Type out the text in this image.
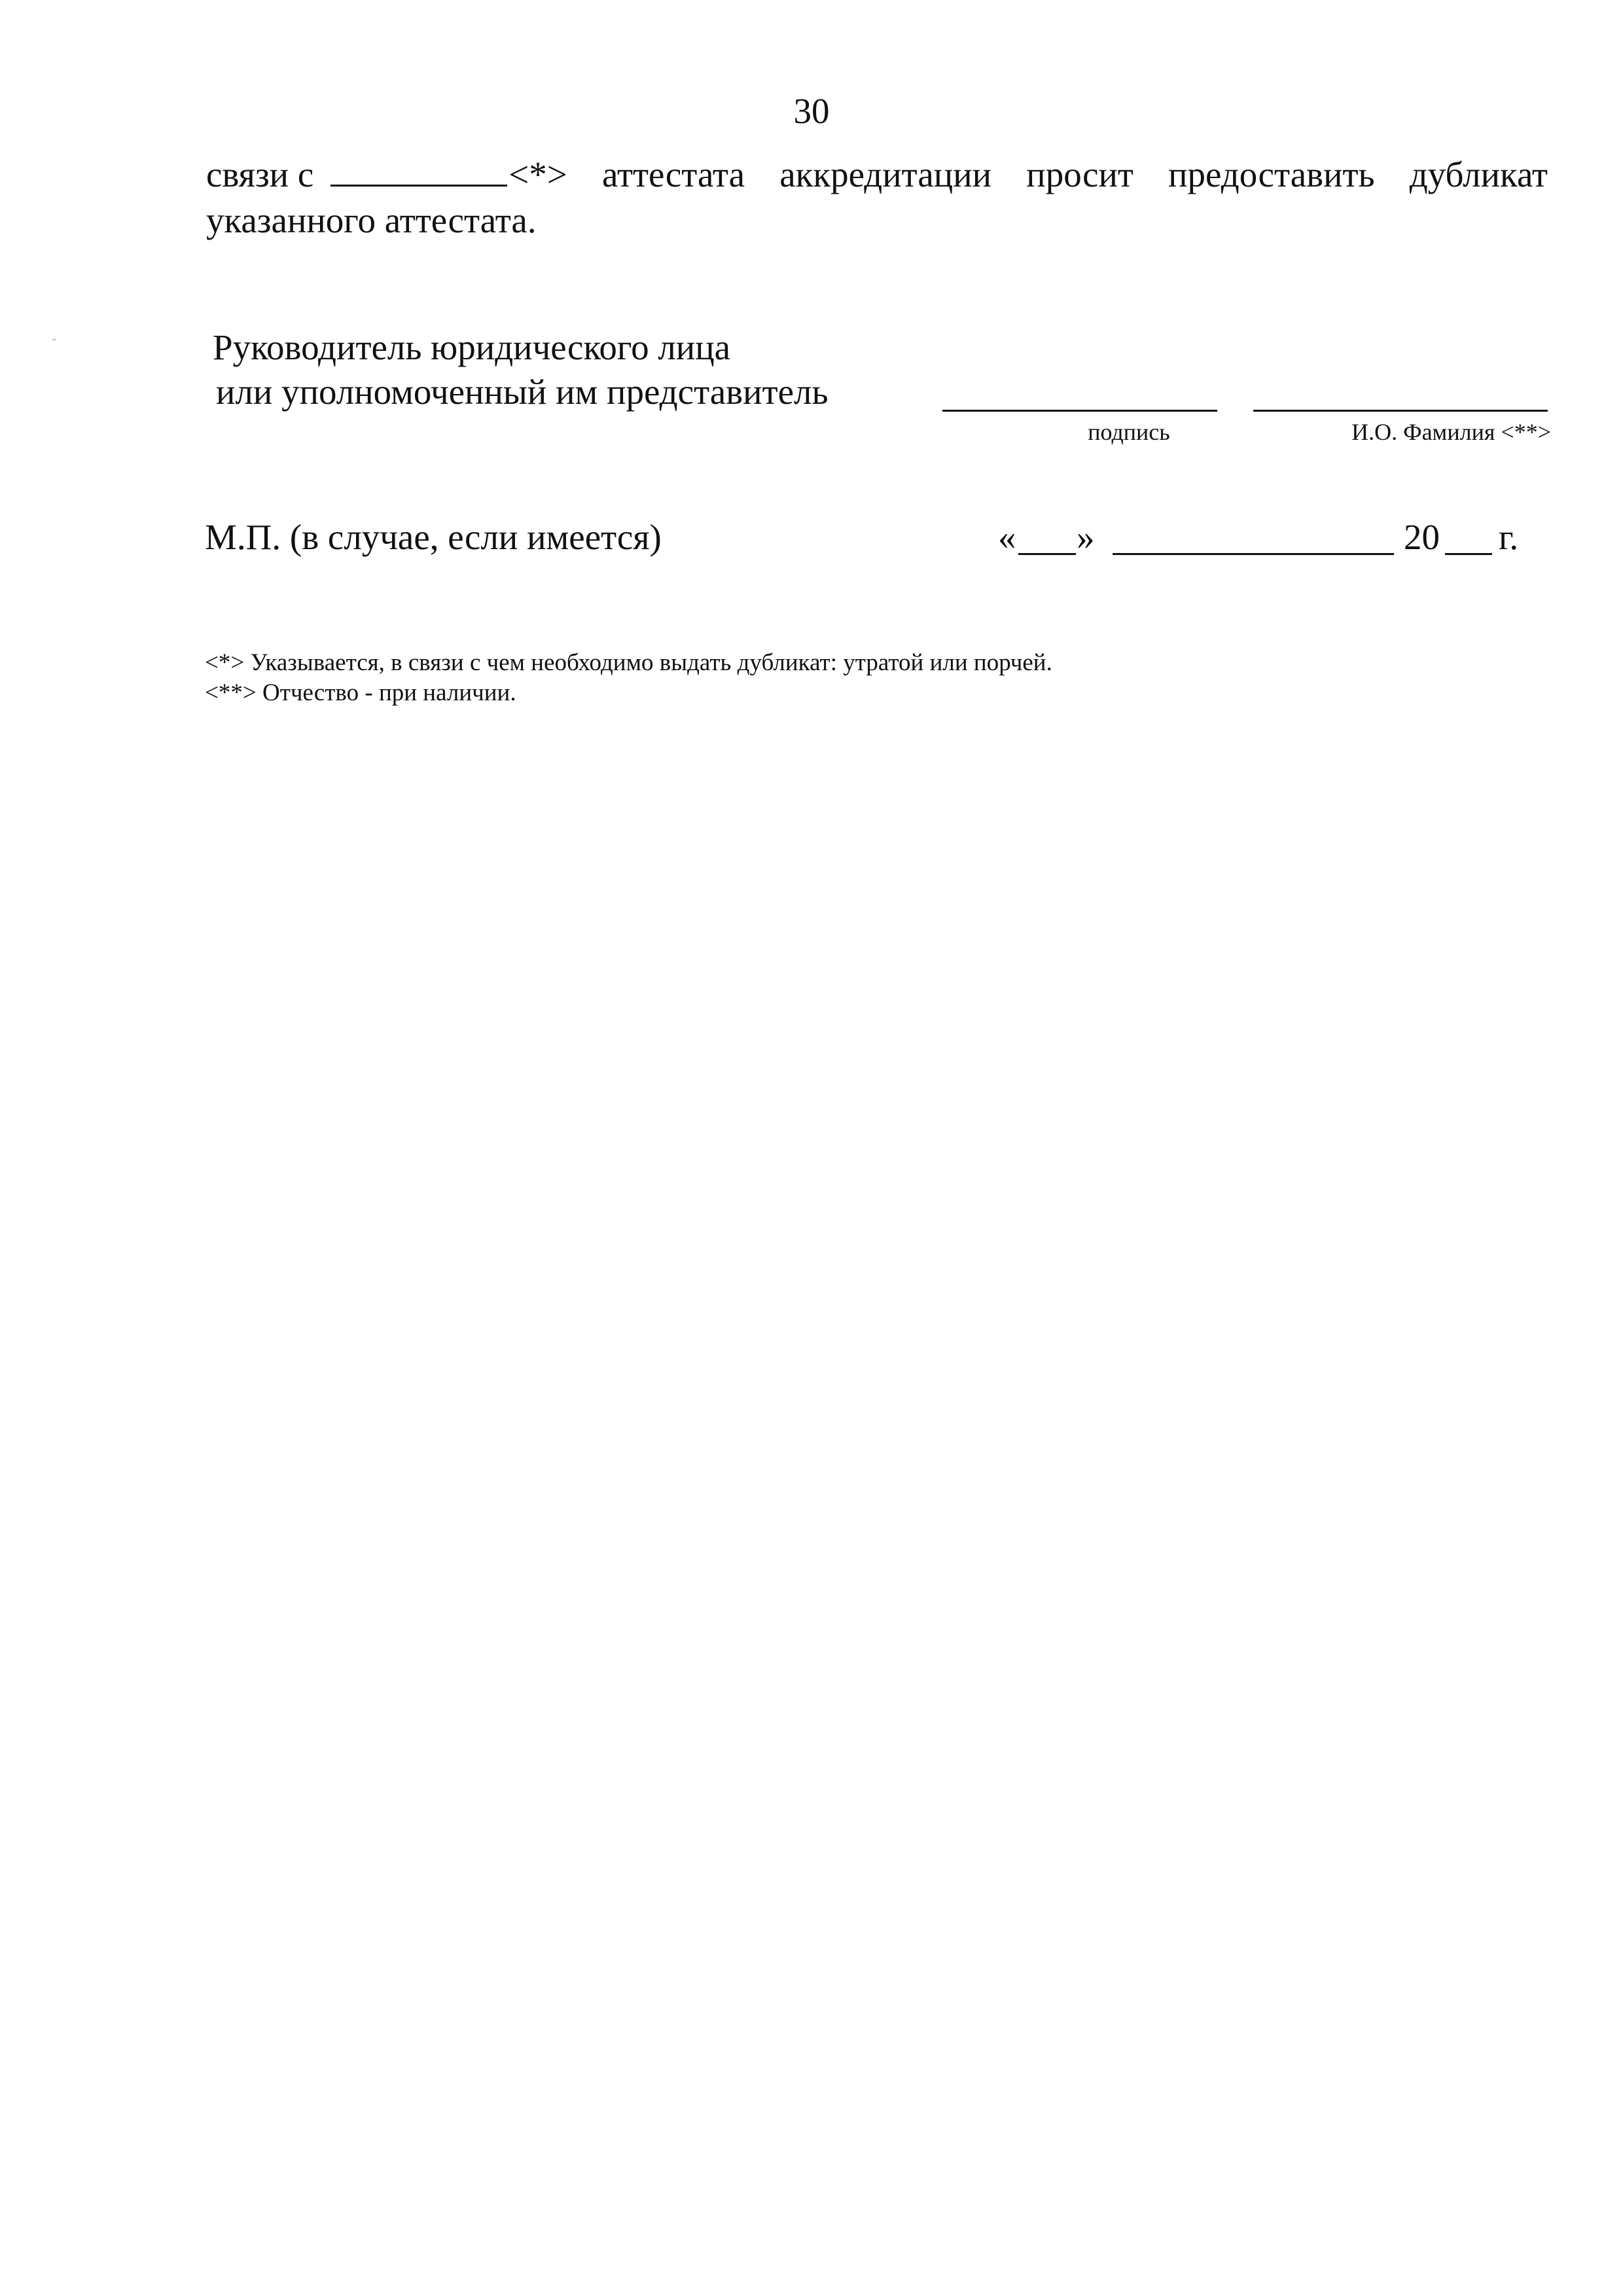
30
связи с	<*> аттестата аккредитации просит предоставить дубликат
указанного аттестата.
Руководитель юридического лица
или уполномоченный им представитель
подпись	И.О. Фамилия <**>
М.П. (в случае, если имеется)	« »	20 г.
<*> Указывается, в связи с чем необходимо выдать дубликат: утратой или порчей.
<**> Отчество - при наличии.
